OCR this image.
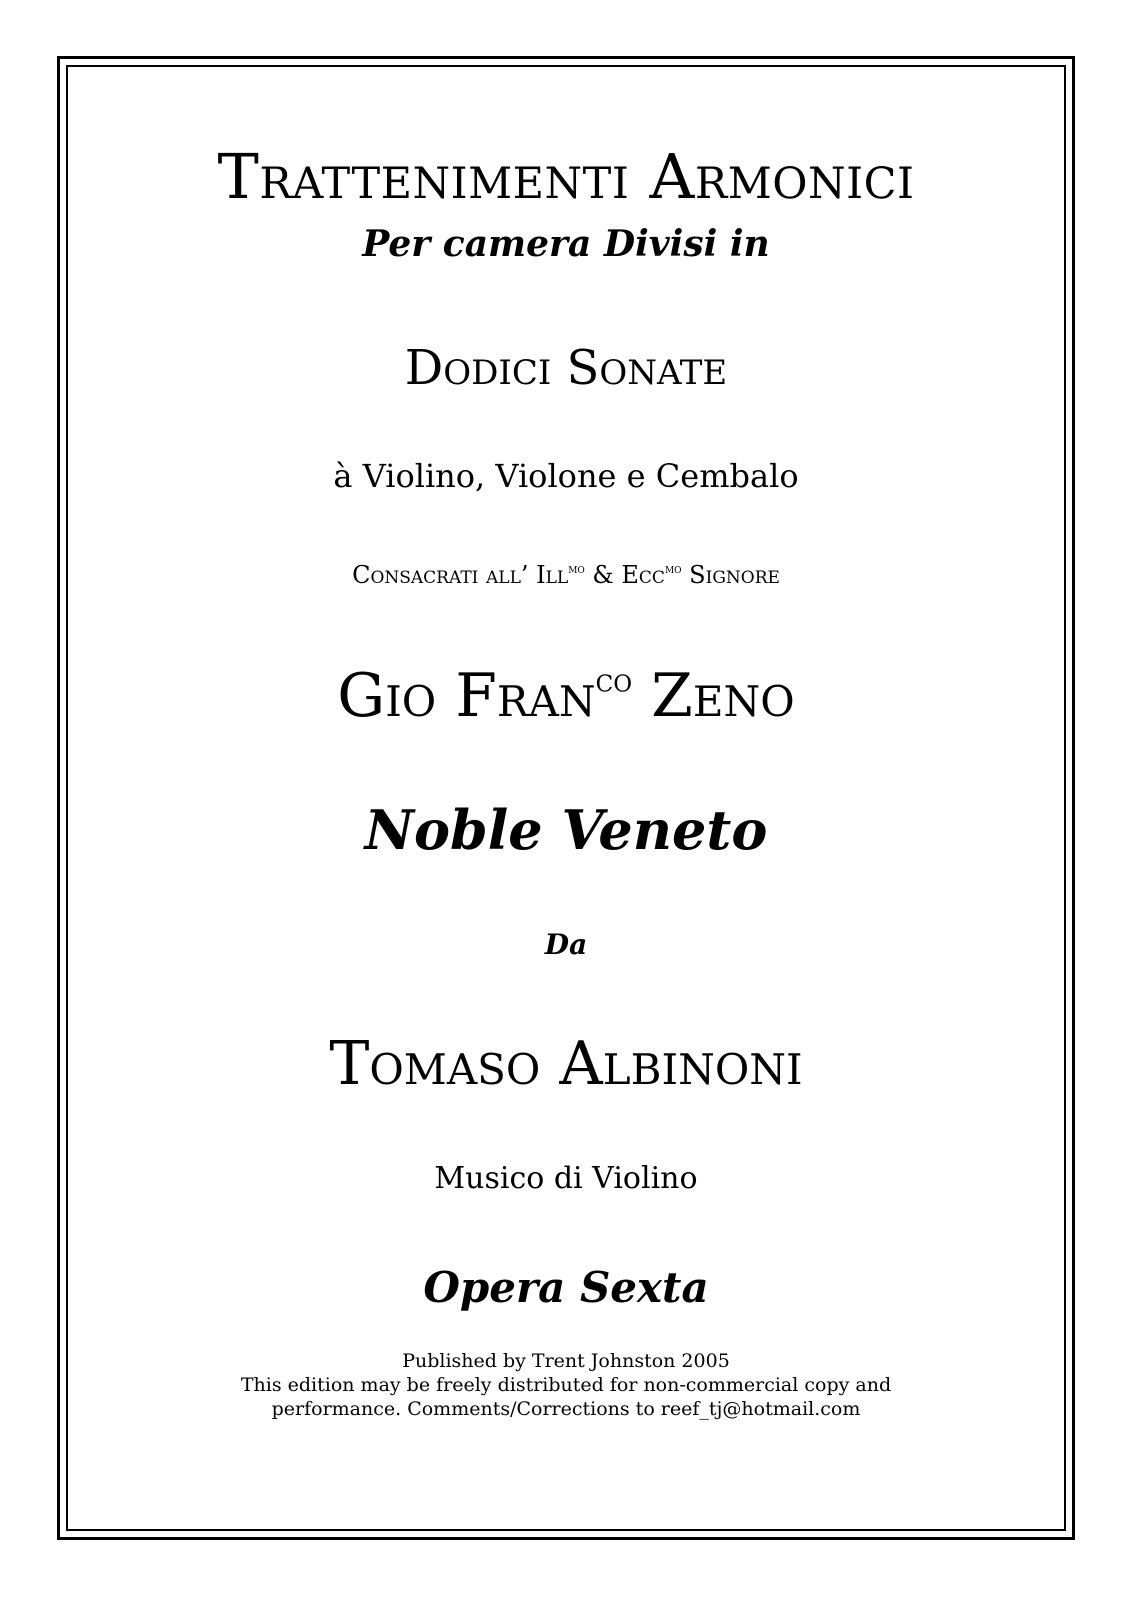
Trattenimenti Armonici
Per camera Divisi in
Dodici Sonate
à Violino, Violone e Cembalo
Consacrati all’ Ill$^{mo}$ & Ecc$^{mo}$ Signore
Gio Fran$^{co}$ Zeno
Noble Veneto
Da
Tomaso Albinoni
Musico di Violino
Opera Sexta
Published by Trent Johnston 2005
This edition may be freely distributed for non-commercial copy and
performance. Comments/Corrections to reef_tj@hotmail.com
